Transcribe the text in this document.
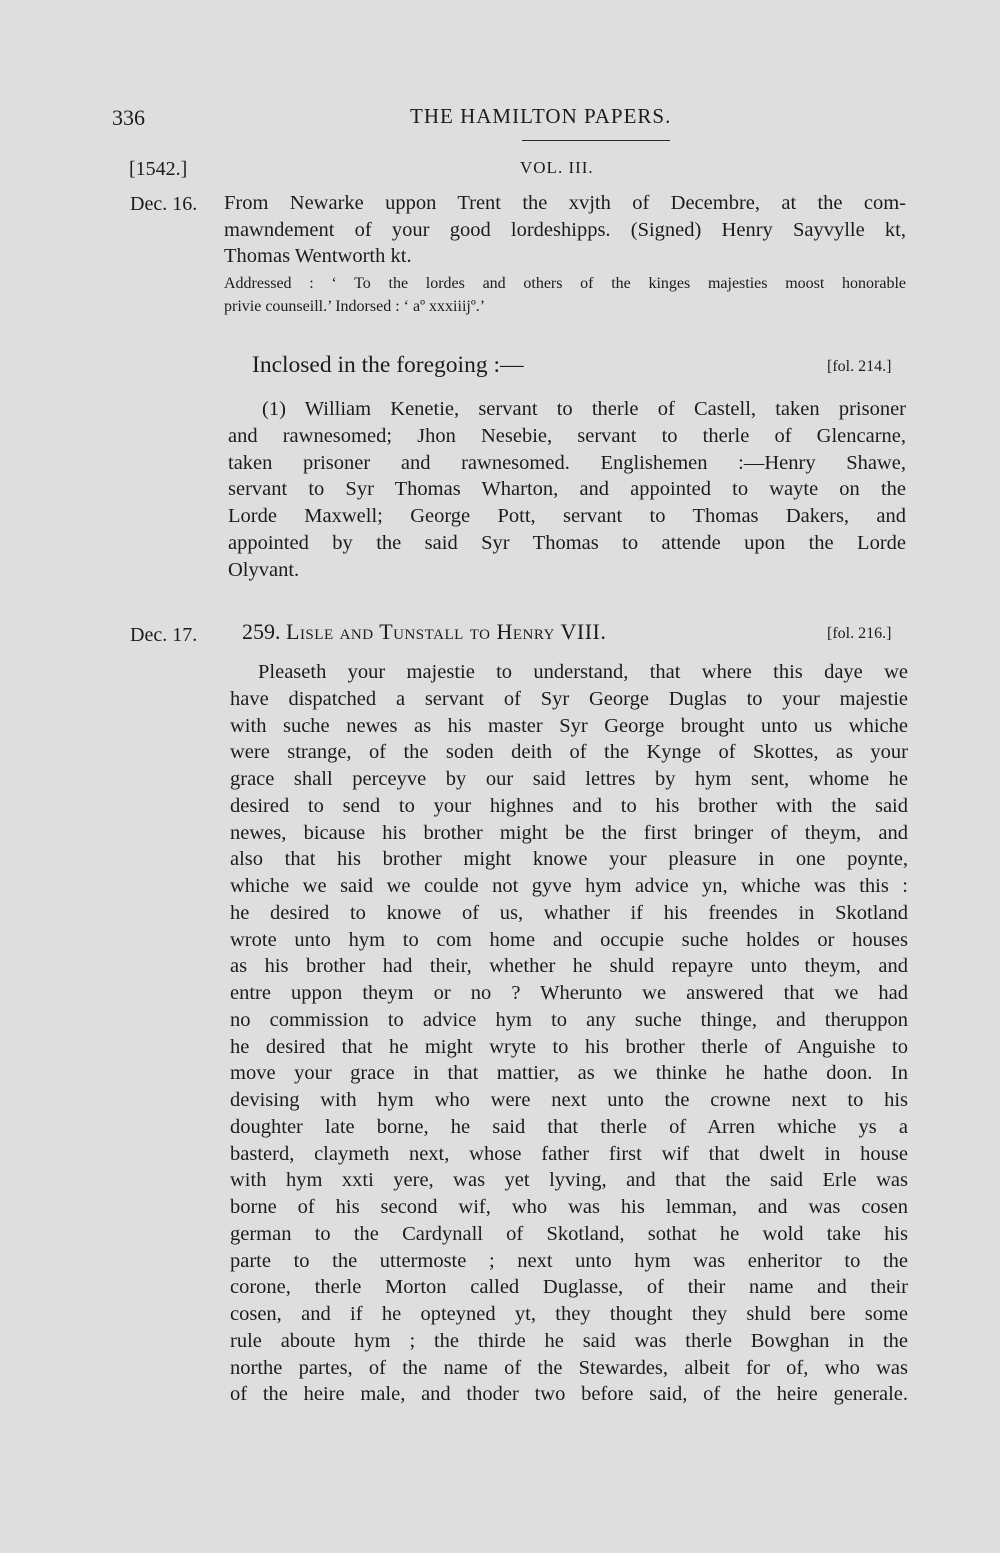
336	THE HAMILTON PAPERS.
[1542.]	VOL. III.
Dec. 16. From Newarke uppon Trent the xvjth of Decembre, at the com-
mawndement of your good lordeshipps. (Signed) Henry Sayvylle kt,
Thomas Wentworth kt.
Addressed : ‘ To the lordes and others of the kinges majesties moost honorable
privie counseill.’ Indorsed : ‘ aº xxxiiijº.’
Inclosed in the foregoing :—	[fol. 214.]
(1) William Kenetie, servant to therle of Castell, taken prisoner
and rawnesomed; Jhon Nesebie, servant to therle of Glencarne,
taken prisoner and rawnesomed. Englishemen :—Henry Shawe,
servant to Syr Thomas Wharton, and appointed to wayte on the
Lorde Maxwell; George Pott, servant to Thomas Dakers, and
appointed by the said Syr Thomas to attende upon the Lorde
Olyvant.
Dec. 17. 259. Lisle and Tunstall to Henry VIII.	[fol. 216.]
Pleaseth your majestie to understand, that where this daye we
have dispatched a servant of Syr George Duglas to your majestie
with suche newes as his master Syr George brought unto us whiche
were strange, of the soden deith of the Kynge of Skottes, as your
grace shall perceyve by our said lettres by hym sent, whome he
desired to send to your highnes and to his brother with the said
newes, bicause his brother might be the first bringer of theym, and
also that his brother might knowe your pleasure in one poynte,
whiche we said we coulde not gyve hym advice yn, whiche was this :
he desired to knowe of us, whather if his freendes in Skotland
wrote unto hym to com home and occupie suche holdes or houses
as his brother had their, whether he shuld repayre unto theym, and
entre uppon theym or no ? Wherunto we answered that we had
no commission to advice hym to any suche thinge, and theruppon
he desired that he might wryte to his brother therle of Anguishe to
move your grace in that mattier, as we thinke he hathe doon. In
devising with hym who were next unto the crowne next to his
doughter late borne, he said that therle of Arren whiche ys a
basterd, claymeth next, whose father first wif that dwelt in house
with hym xxti yere, was yet lyving, and that the said Erle was
borne of his second wif, who was his lemman, and was cosen
german to the Cardynall of Skotland, sothat he wold take his
parte to the uttermoste ; next unto hym was enheritor to the
corone, therle Morton called Duglasse, of their name and their
cosen, and if he opteyned yt, they thought they shuld bere some
rule aboute hym ; the thirde he said was therle Bowghan in the
northe partes, of the name of the Stewardes, albeit for of, who was
of the heire male, and thoder two before said, of the heire generale.
